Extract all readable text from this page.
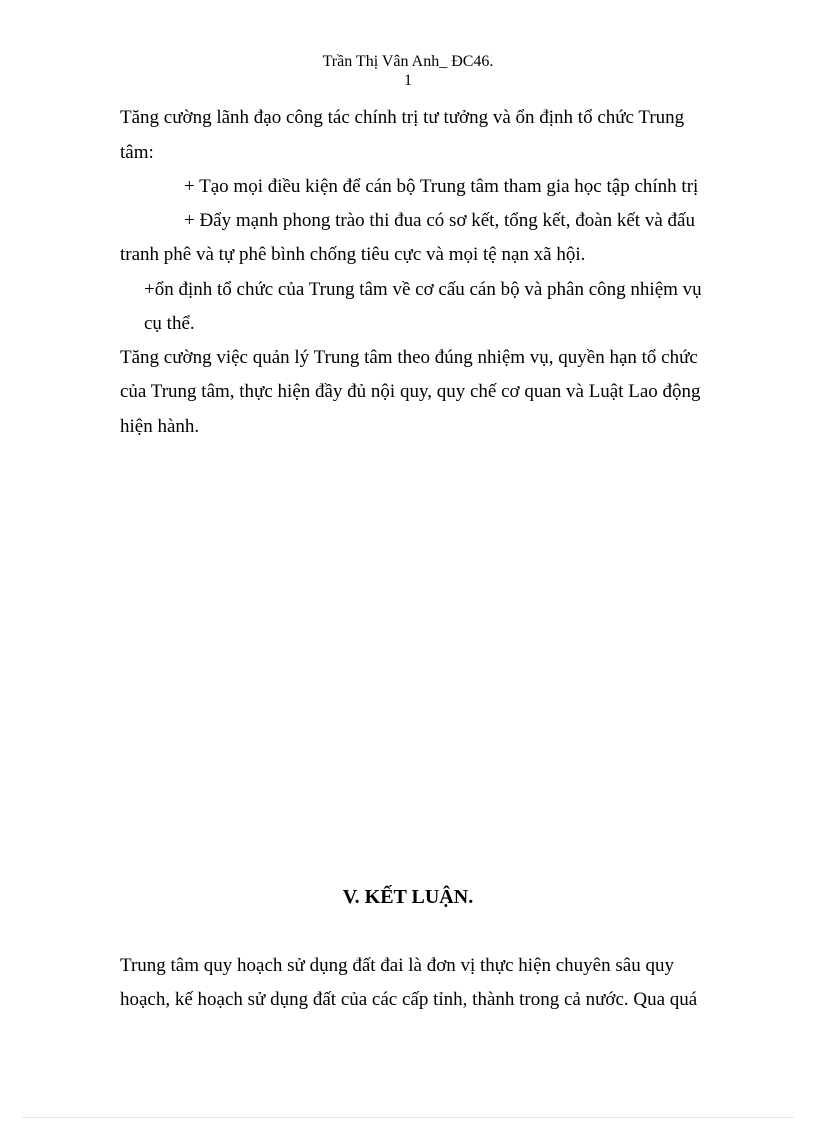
Trần Thị Vân Anh_ ĐC46.
1
Tăng cường lãnh đạo công tác chính trị tư tưởng và ổn định tổ chức Trung
tâm:
+ Tạo mọi điều kiện để cán bộ Trung tâm tham gia học tập chính trị
+ Đẩy mạnh phong trào thi đua có sơ kết, tổng kết, đoàn kết và đấu
tranh phê và tự phê bình chống tiêu cực và mọi tệ nạn xã hội.
+ổn định tổ chức của Trung tâm về cơ cấu cán bộ và phân công nhiệm vụ
cụ thể.
Tăng cường việc quản lý Trung tâm theo đúng nhiệm vụ, quyền hạn tổ chức
của Trung tâm, thực hiện đầy đủ nội quy, quy chế cơ quan và Luật Lao động
hiện hành.
V. KẾT LUẬN.
Trung tâm quy hoạch sử dụng đất đai là đơn vị thực hiện chuyên sâu quy
hoạch, kế hoạch sử dụng đất của các cấp tỉnh, thành trong cả nước. Qua quá
